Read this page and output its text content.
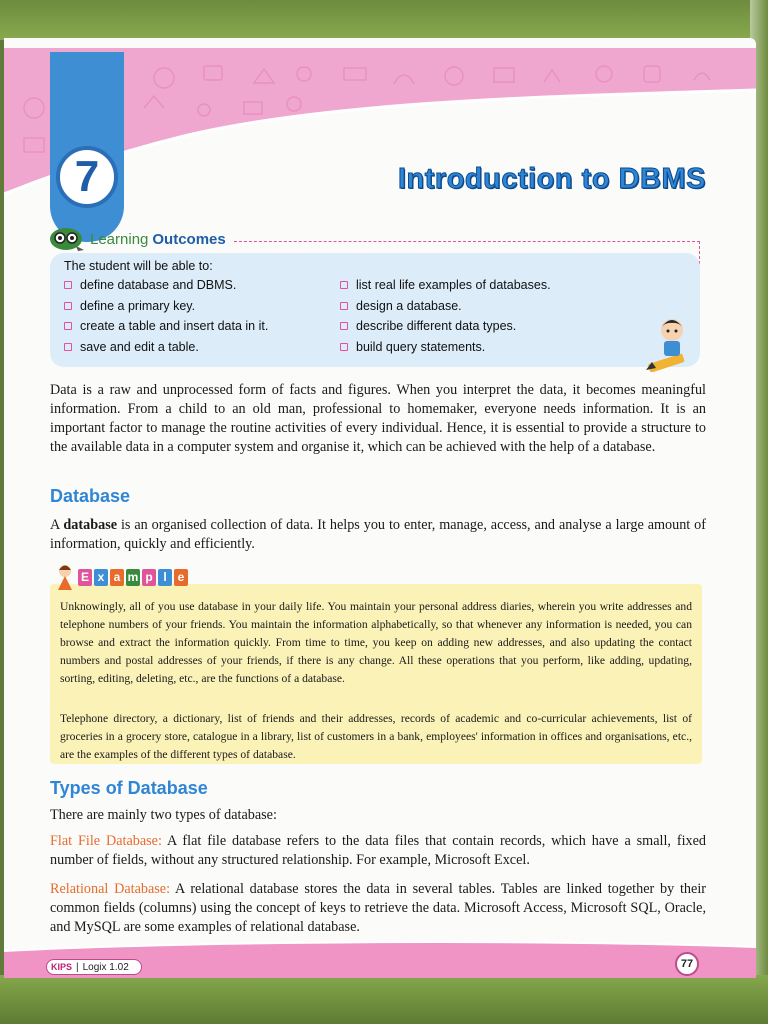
7	Introduction to DBMS
Learning Outcomes
The student will be able to:
define database and DBMS.
define a primary key.
create a table and insert data in it.
save and edit a table.
list real life examples of databases.
design a database.
describe different data types.
build query statements.

Data is a raw and unprocessed form of facts and figures. When you interpret the data, it becomes meaningful information. From a child to an old man, professional to homemaker, everyone needs information. It is an important factor to manage the routine activities of every individual. Hence, it is essential to provide a structure to the available data in a computer system and organise it, which can be achieved with the help of a database.

Database

A database is an organised collection of data. It helps you to enter, manage, access, and analyse a large amount of information, quickly and efficiently.

E x a m p l e

Unknowingly, all of you use database in your daily life. You maintain your personal address diaries, wherein you write addresses and telephone numbers of your friends. You maintain the information alphabetically, so that whenever any information is needed, you can browse and extract the information quickly. From time to time, you keep on adding new addresses, and also updating the contact numbers and postal addresses of your friends, if there is any change. All these operations that you perform, like adding, updating, sorting, editing, deleting, etc., are the functions of a database.

Telephone directory, a dictionary, list of friends and their addresses, records of academic and co-curricular achievements, list of groceries in a grocery store, catalogue in a library, list of customers in a bank, employees' information in offices and organisations, etc., are the examples of the different types of database.

Types of Database

There are mainly two types of database:

Flat File Database: A flat file database refers to the data files that contain records, which have a small, fixed number of fields, without any structured relationship. For example, Microsoft Excel.

Relational Database: A relational database stores the data in several tables. Tables are linked together by their common fields (columns) using the concept of keys to retrieve the data. Microsoft Access, Microsoft SQL, Oracle, and MySQL are some examples of relational database.

KIPS | Logix 1.02	77
